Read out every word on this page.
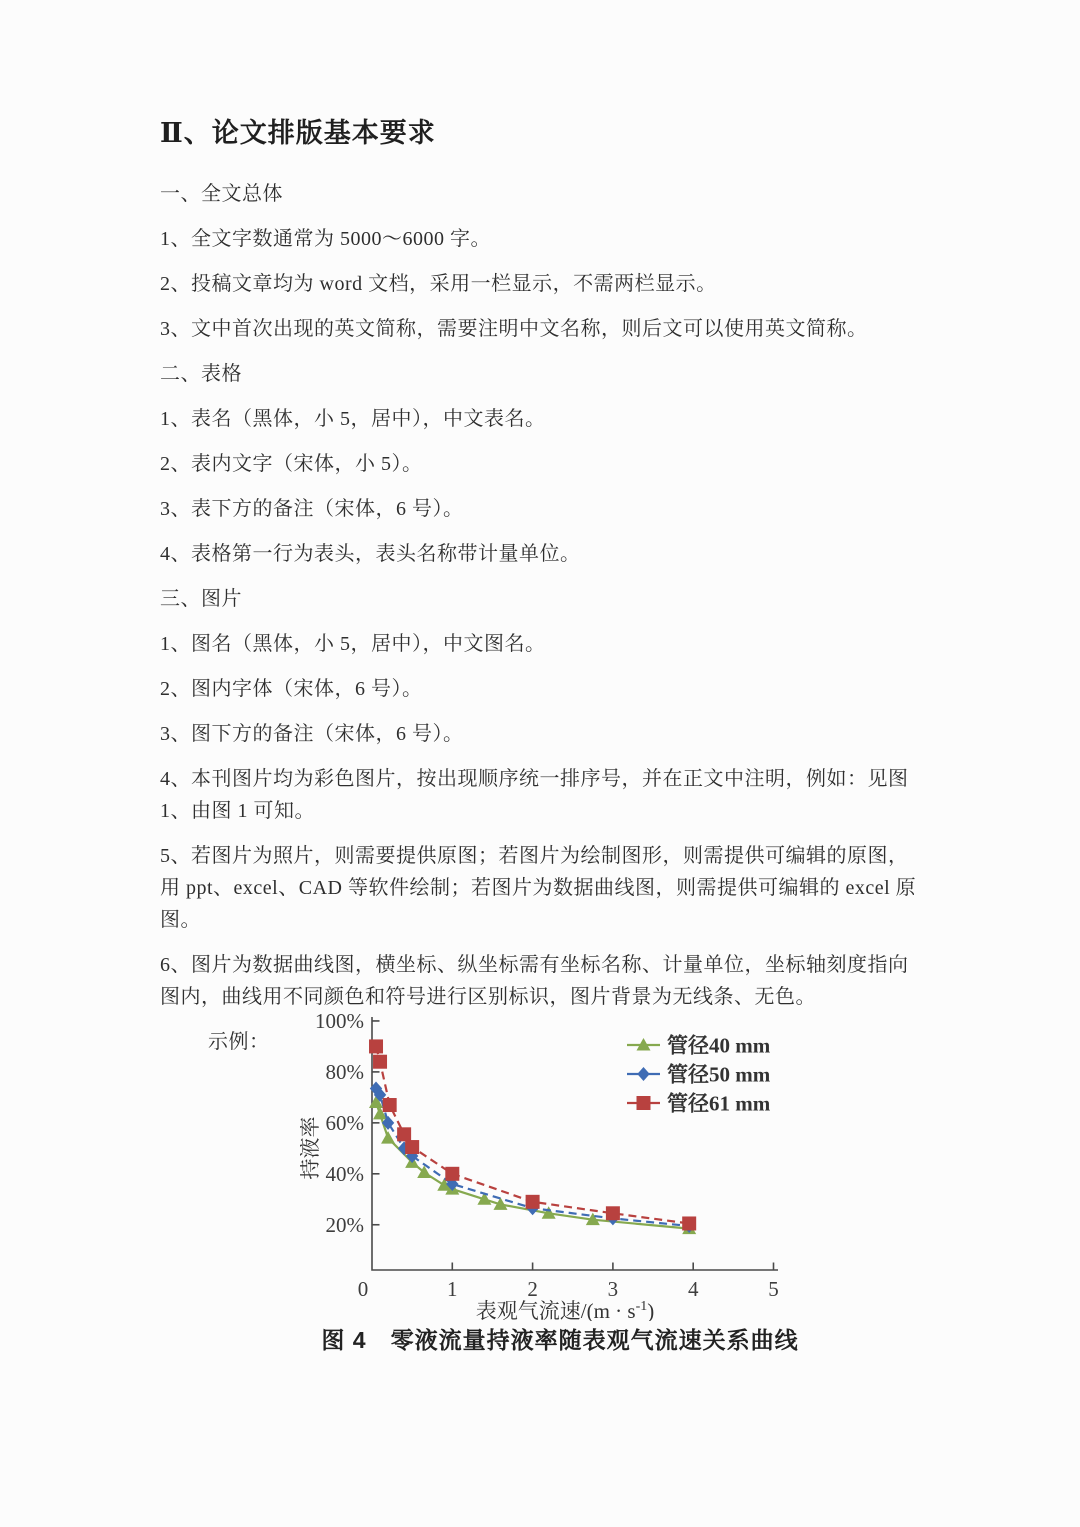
Ⅱ、论文排版基本要求

一、全文总体

1、全文字数通常为 5000～6000 字。

2、投稿文章均为 word 文档，采用一栏显示，不需两栏显示。

3、文中首次出现的英文简称，需要注明中文名称，则后文可以使用英文简称。

二、表格

1、表名（黑体，小 5，居中），中文表名。

2、表内文字（宋体，小 5）。

3、表下方的备注（宋体，6 号）。

4、表格第一行为表头，表头名称带计量单位。

三、图片

1、图名（黑体，小 5，居中），中文图名。

2、图内字体（宋体，6 号）。

3、图下方的备注（宋体，6 号）。

4、本刊图片均为彩色图片，按出现顺序统一排序号，并在正文中注明，例如：见图 1、由图 1 可知。

5、若图片为照片，则需要提供原图；若图片为绘制图形，则需提供可编辑的原图，用 ppt、excel、CAD 等软件绘制；若图片为数据曲线图，则需提供可编辑的 excel 原图。

6、图片为数据曲线图，横坐标、纵坐标需有坐标名称、计量单位，坐标轴刻度指向图内，曲线用不同颜色和符号进行区别标识，图片背景为无线条、无色。

示例：

0	1	2	3	4	5
20%
40%
60%
80%
100%
表观气流速$/(m \cdot s^{-1})$
持液率
管径40 mm
管径50 mm
管径61 mm
图 4　零液流量持液率随表观气流速关系曲线
